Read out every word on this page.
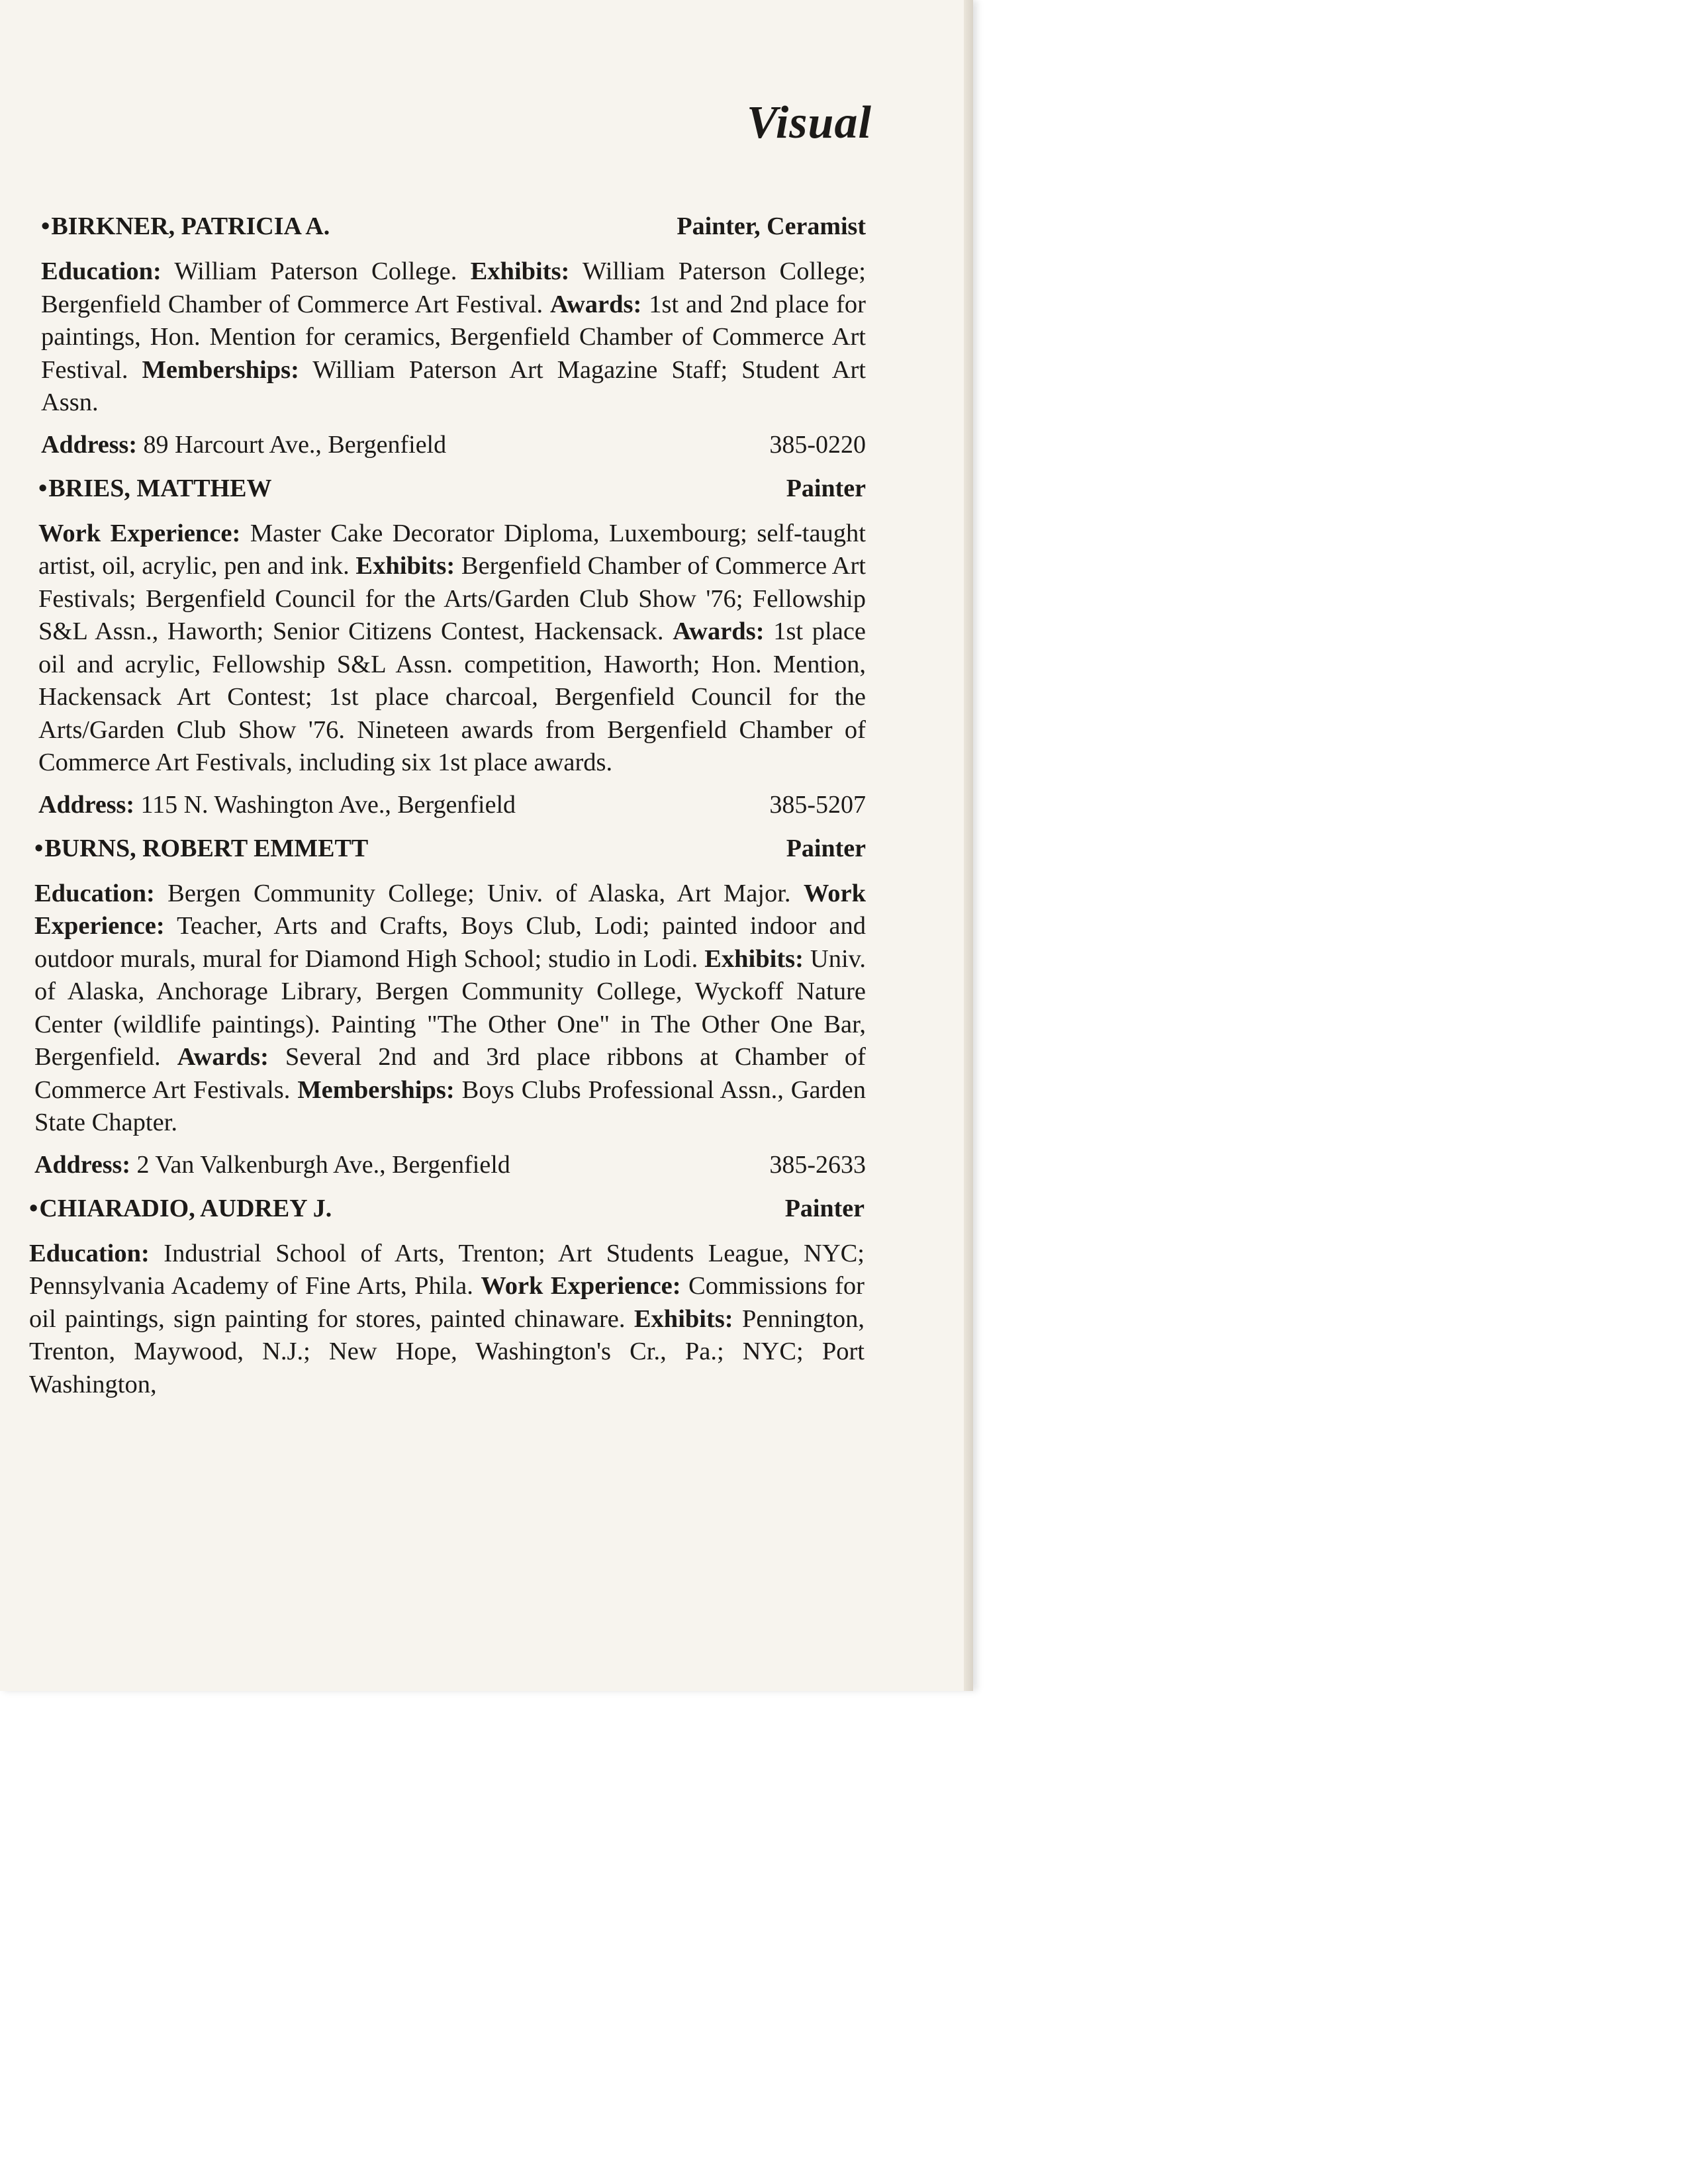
Visual
• BIRKNER, PATRICIA A.	Painter, Ceramist

Education: William Paterson College. Exhibits: William Paterson College; Bergenfield Chamber of Commerce Art Festival. Awards: 1st and 2nd place for paintings, Hon. Mention for ceramics, Bergenfield Chamber of Commerce Art Festival. Memberships: William Paterson Art Magazine Staff; Student Art Assn.

Address: 89 Harcourt Ave., Bergenfield	385-0220
• BRIES, MATTHEW	Painter

Work Experience: Master Cake Decorator Diploma, Luxembourg; self-taught artist, oil, acrylic, pen and ink. Exhibits: Bergenfield Chamber of Commerce Art Festivals; Bergenfield Council for the Arts/Garden Club Show '76; Fellowship S&L Assn., Haworth; Senior Citizens Contest, Hackensack. Awards: 1st place oil and acrylic, Fellowship S&L Assn. competition, Haworth; Hon. Mention, Hackensack Art Contest; 1st place charcoal, Bergenfield Council for the Arts/Garden Club Show '76. Nineteen awards from Bergenfield Chamber of Commerce Art Festivals, including six 1st place awards.

Address: 115 N. Washington Ave., Bergenfield	385-5207
• BURNS, ROBERT EMMETT	Painter

Education: Bergen Community College; Univ. of Alaska, Art Major. Work Experience: Teacher, Arts and Crafts, Boys Club, Lodi; painted indoor and outdoor murals, mural for Diamond High School; studio in Lodi. Exhibits: Univ. of Alaska, Anchorage Library, Bergen Community College, Wyckoff Nature Center (wildlife paintings). Painting "The Other One" in The Other One Bar, Bergenfield. Awards: Several 2nd and 3rd place ribbons at Chamber of Commerce Art Festivals. Memberships: Boys Clubs Professional Assn., Garden State Chapter.

Address: 2 Van Valkenburgh Ave., Bergenfield	385-2633
• CHIARADIO, AUDREY J.	Painter

Education: Industrial School of Arts, Trenton; Art Students League, NYC; Pennsylvania Academy of Fine Arts, Phila. Work Experience: Commissions for oil paintings, sign painting for stores, painted chinaware. Exhibits: Pennington, Trenton, Maywood, N.J.; New Hope, Washington's Cr., Pa.; NYC; Port Washington,
